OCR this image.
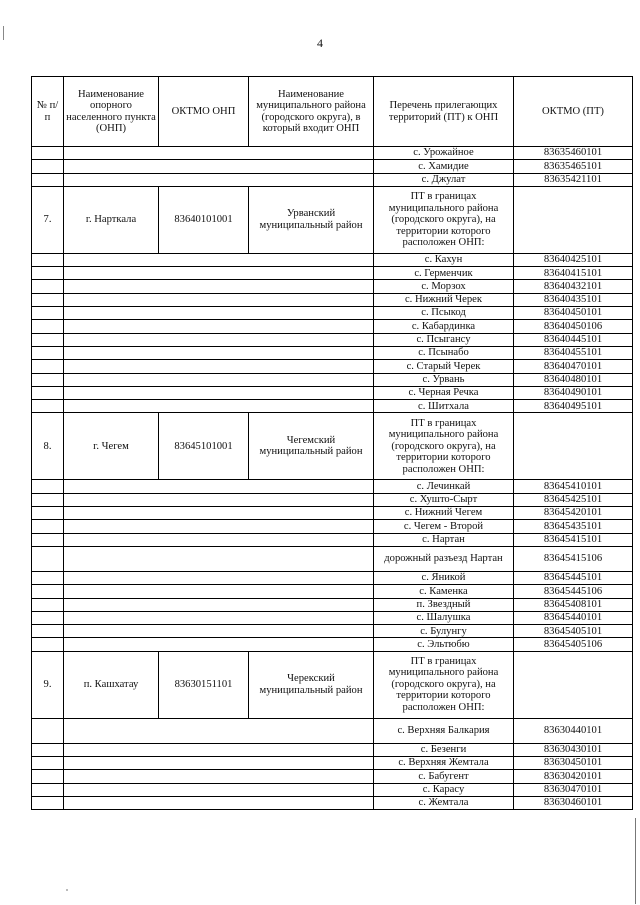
4
№ п/п	Наименование опорного населенного пункта (ОНП)	ОКТМО ОНП	Наименование муниципального района (городского округа), в который входит ОНП	Перечень прилегающих территорий (ПТ) к ОНП	ОКТМО (ПТ)
				с. Урожайное	83635460101
				с. Хамидие	83635465101
				с. Джулат	83635421101
7.	г. Нарткала	83640101001	Урванский муниципальный район	ПТ в границах муниципального района (городского округа), на территории которого расположен ОНП:	
				с. Кахун	83640425101
				с. Герменчик	83640415101
				с. Морзох	83640432101
				с. Нижний Черек	83640435101
				с. Псыкод	83640450101
				с. Кабардинка	83640450106
				с. Псыгансу	83640445101
				с. Псынабо	83640455101
				с. Старый Черек	83640470101
				с. Урвань	83640480101
				с. Черная Речка	83640490101
				с. Шитхала	83640495101
8.	г. Чегем	83645101001	Чегемский муниципальный район	ПТ в границах муниципального района (городского округа), на территории которого расположен ОНП:	
				с. Лечинкай	83645410101
				с. Хушто-Сырт	83645425101
				с. Нижний Чегем	83645420101
				с. Чегем - Второй	83645435101
				с. Нартан	83645415101
				дорожный разъезд Нартан	83645415106
				с. Яникой	83645445101
				с. Каменка	83645445106
				п. Звездный	83645408101
				с. Шалушка	83645440101
				с. Булунгу	83645405101
				с. Эльтюбю	83645405106
9.	п. Кашхатау	83630151101	Черекский муниципальный район	ПТ в границах муниципального района (городского округа), на территории которого расположен ОНП:	
				с. Верхняя Балкария	83630440101
				с. Безенги	83630430101
				с. Верхняя Жемтала	83630450101
				с. Бабугент	83630420101
				с. Карасу	83630470101
				с. Жемтала	83630460101
